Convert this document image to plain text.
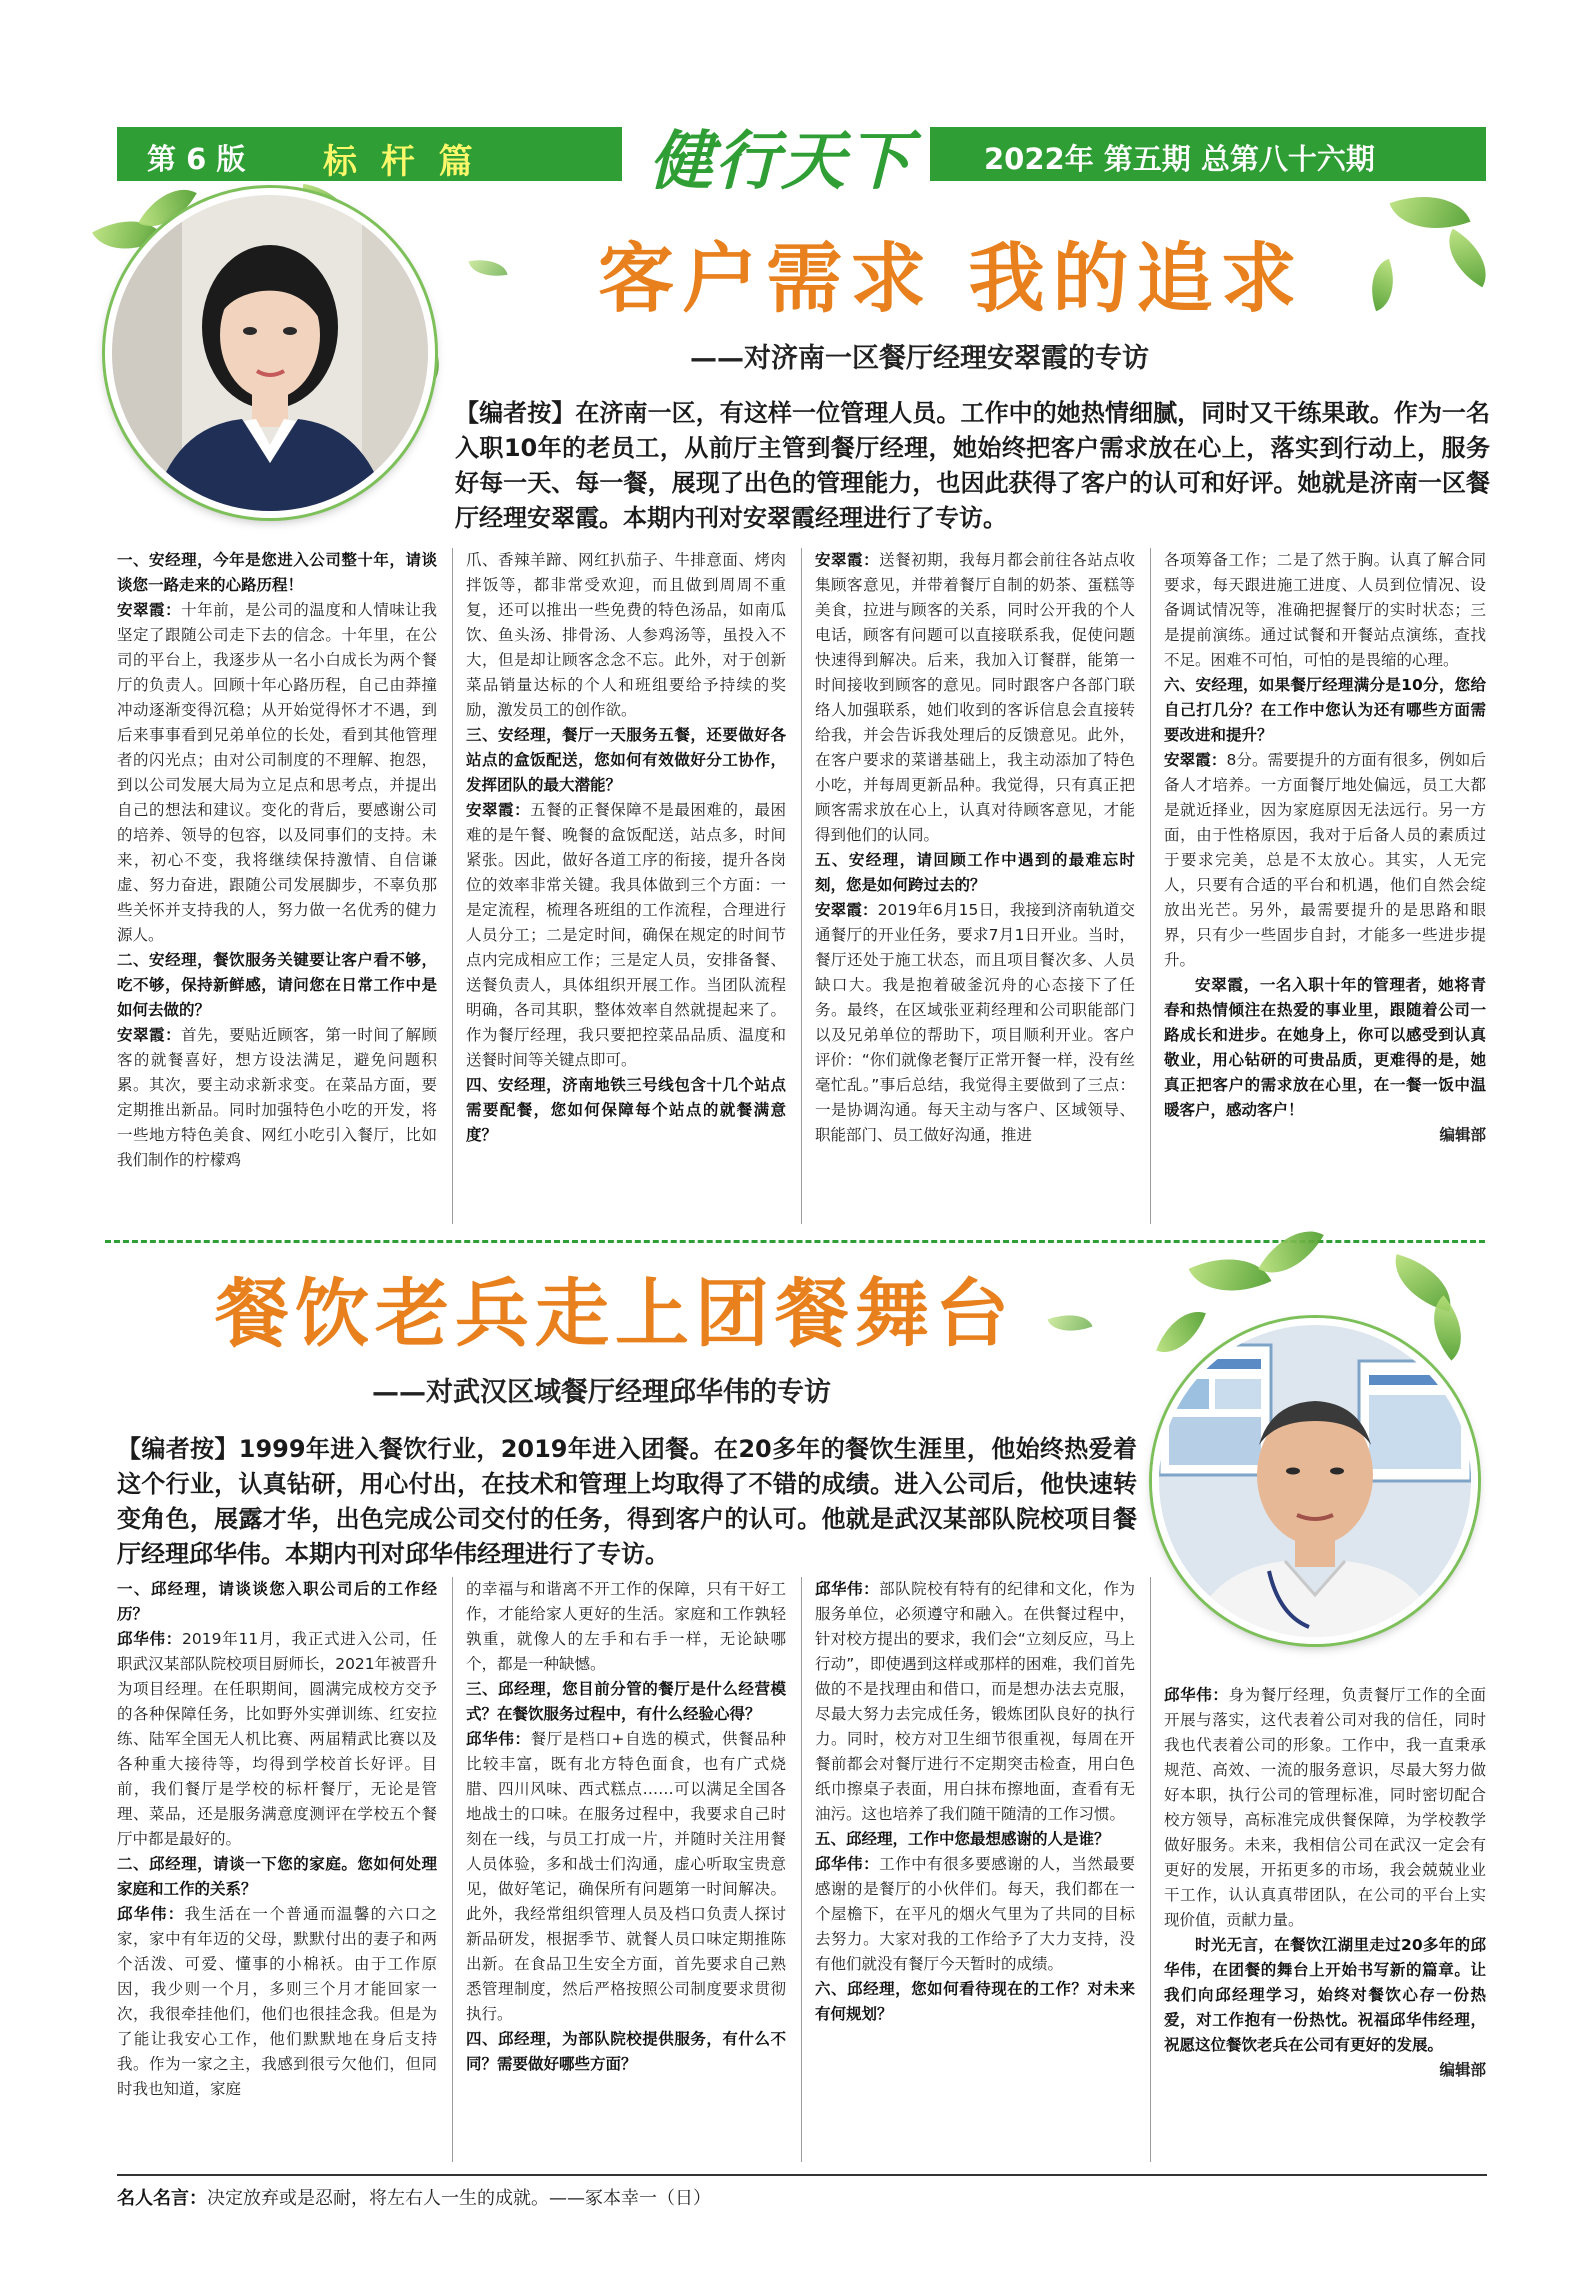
第 6 版 标 杆 篇	健行天下	2022年 第五期 总第八十六期
客户需求 我的追求
——对济南一区餐厅经理安翠霞的专访
【编者按】在济南一区，有这样一位管理人员。工作中的她热情细腻，同时又干练果敢。作为一名入职10年的老员工，从前厅主管到餐厅经理，她始终把客户需求放在心上，落实到行动上，服务好每一天、每一餐，展现了出色的管理能力，也因此获得了客户的认可和好评。她就是济南一区餐厅经理安翠霞。本期内刊对安翠霞经理进行了专访。

一、安经理，今年是您进入公司整十年，请谈谈您一路走来的心路历程！

安翠霞：十年前，是公司的温度和人情味让我坚定了跟随公司走下去的信念。十年里，在公司的平台上，我逐步从一名小白成长为两个餐厅的负责人。回顾十年心路历程，自己由莽撞冲动逐渐变得沉稳；从开始觉得怀才不遇，到后来事事看到兄弟单位的长处，看到其他管理者的闪光点；由对公司制度的不理解、抱怨，到以公司发展大局为立足点和思考点，并提出自己的想法和建议。变化的背后，要感谢公司的培养、领导的包容，以及同事们的支持。未来，初心不变，我将继续保持激情、自信谦虚、努力奋进，跟随公司发展脚步，不辜负那些关怀并支持我的人，努力做一名优秀的健力源人。

二、安经理，餐饮服务关键要让客户看不够，吃不够，保持新鲜感，请问您在日常工作中是如何去做的？

安翠霞：首先，要贴近顾客，第一时间了解顾客的就餐喜好，想方设法满足，避免问题积累。其次，要主动求新求变。在菜品方面，要定期推出新品。同时加强特色小吃的开发，将一些地方特色美食、网红小吃引入餐厅，比如我们制作的柠檬鸡

爪、香辣羊蹄、网红扒茄子、牛排意面、烤肉拌饭等，都非常受欢迎，而且做到周周不重复，还可以推出一些免费的特色汤品，如南瓜饮、鱼头汤、排骨汤、人参鸡汤等，虽投入不大，但是却让顾客念念不忘。此外，对于创新菜品销量达标的个人和班组要给予持续的奖励，激发员工的创作欲。

三、安经理，餐厅一天服务五餐，还要做好各站点的盒饭配送，您如何有效做好分工协作，发挥团队的最大潜能？

安翠霞：五餐的正餐保障不是最困难的，最困难的是午餐、晚餐的盒饭配送，站点多，时间紧张。因此，做好各道工序的衔接，提升各岗位的效率非常关键。我具体做到三个方面：一是定流程，梳理各班组的工作流程，合理进行人员分工；二是定时间，确保在规定的时间节点内完成相应工作；三是定人员，安排备餐、送餐负责人，具体组织开展工作。当团队流程明确，各司其职，整体效率自然就提起来了。作为餐厅经理，我只要把控菜品品质、温度和送餐时间等关键点即可。

四、安经理，济南地铁三号线包含十几个站点需要配餐，您如何保障每个站点的就餐满意度？

安翠霞：送餐初期，我每月都会前往各站点收集顾客意见，并带着餐厅自制的奶茶、蛋糕等美食，拉进与顾客的关系，同时公开我的个人电话，顾客有问题可以直接联系我，促使问题快速得到解决。后来，我加入订餐群，能第一时间接收到顾客的意见。同时跟客户各部门联络人加强联系，她们收到的客诉信息会直接转给我，并会告诉我处理后的反馈意见。此外，在客户要求的菜谱基础上，我主动添加了特色小吃，并每周更新品种。我觉得，只有真正把顾客需求放在心上，认真对待顾客意见，才能得到他们的认同。

五、安经理，请回顾工作中遇到的最难忘时刻，您是如何跨过去的？

安翠霞：2019年6月15日，我接到济南轨道交通餐厅的开业任务，要求7月1日开业。当时，餐厅还处于施工状态，而且项目餐次多、人员缺口大。我是抱着破釜沉舟的心态接下了任务。最终，在区域张亚莉经理和公司职能部门以及兄弟单位的帮助下，项目顺利开业。客户评价：“你们就像老餐厅正常开餐一样，没有丝毫忙乱。”事后总结，我觉得主要做到了三点：一是协调沟通。每天主动与客户、区域领导、职能部门、员工做好沟通，推进

各项筹备工作；二是了然于胸。认真了解合同要求，每天跟进施工进度、人员到位情况、设备调试情况等，准确把握餐厅的实时状态；三是提前演练。通过试餐和开餐站点演练，查找不足。困难不可怕，可怕的是畏缩的心理。

六、安经理，如果餐厅经理满分是10分，您给自己打几分？在工作中您认为还有哪些方面需要改进和提升？

安翠霞：8分。需要提升的方面有很多，例如后备人才培养。一方面餐厅地处偏远，员工大都是就近择业，因为家庭原因无法远行。另一方面，由于性格原因，我对于后备人员的素质过于要求完美，总是不太放心。其实，人无完人，只要有合适的平台和机遇，他们自然会绽放出光芒。另外，最需要提升的是思路和眼界，只有少一些固步自封，才能多一些进步提升。

安翠霞，一名入职十年的管理者，她将青春和热情倾注在热爱的事业里，跟随着公司一路成长和进步。在她身上，你可以感受到认真敬业，用心钻研的可贵品质，更难得的是，她真正把客户的需求放在心里，在一餐一饭中温暖客户，感动客户！

编辑部

餐饮老兵走上团餐舞台
——对武汉区域餐厅经理邱华伟的专访
【编者按】1999年进入餐饮行业，2019年进入团餐。在20多年的餐饮生涯里，他始终热爱着这个行业，认真钻研，用心付出，在技术和管理上均取得了不错的成绩。进入公司后，他快速转变角色，展露才华，出色完成公司交付的任务，得到客户的认可。他就是武汉某部队院校项目餐厅经理邱华伟。本期内刊对邱华伟经理进行了专访。

一、邱经理，请谈谈您入职公司后的工作经历？

邱华伟：2019年11月，我正式进入公司，任职武汉某部队院校项目厨师长，2021年被晋升为项目经理。在任职期间，圆满完成校方交予的各种保障任务，比如野外实弹训练、红安拉练、陆军全国无人机比赛、两届精武比赛以及各种重大接待等，均得到学校首长好评。目前，我们餐厅是学校的标杆餐厅，无论是管理、菜品，还是服务满意度测评在学校五个餐厅中都是最好的。

二、邱经理，请谈一下您的家庭。您如何处理家庭和工作的关系？

邱华伟：我生活在一个普通而温馨的六口之家，家中有年迈的父母，默默付出的妻子和两个活泼、可爱、懂事的小棉袄。由于工作原因，我少则一个月，多则三个月才能回家一次，我很牵挂他们，他们也很挂念我。但是为了能让我安心工作，他们默默地在身后支持我。作为一家之主，我感到很亏欠他们，但同时我也知道，家庭

的幸福与和谐离不开工作的保障，只有干好工作，才能给家人更好的生活。家庭和工作孰轻孰重，就像人的左手和右手一样，无论缺哪个，都是一种缺憾。

三、邱经理，您目前分管的餐厅是什么经营模式？在餐饮服务过程中，有什么经验心得？

邱华伟：餐厅是档口+自选的模式，供餐品种比较丰富，既有北方特色面食，也有广式烧腊、四川风味、西式糕点……可以满足全国各地战士的口味。在服务过程中，我要求自己时刻在一线，与员工打成一片，并随时关注用餐人员体验，多和战士们沟通，虚心听取宝贵意见，做好笔记，确保所有问题第一时间解决。此外，我经常组织管理人员及档口负责人探讨新品研发，根据季节、就餐人员口味定期推陈出新。在食品卫生安全方面，首先要求自己熟悉管理制度，然后严格按照公司制度要求贯彻执行。

四、邱经理，为部队院校提供服务，有什么不同？需要做好哪些方面？

邱华伟：部队院校有特有的纪律和文化，作为服务单位，必须遵守和融入。在供餐过程中，针对校方提出的要求，我们会“立刻反应，马上行动”，即使遇到这样或那样的困难，我们首先做的不是找理由和借口，而是想办法去克服，尽最大努力去完成任务，锻炼团队良好的执行力。同时，校方对卫生细节很重视，每周在开餐前都会对餐厅进行不定期突击检查，用白色纸巾擦桌子表面，用白抹布擦地面，查看有无油污。这也培养了我们随干随清的工作习惯。

五、邱经理，工作中您最想感谢的人是谁？

邱华伟：工作中有很多要感谢的人，当然最要感谢的是餐厅的小伙伴们。每天，我们都在一个屋檐下，在平凡的烟火气里为了共同的目标去努力。大家对我的工作给予了大力支持，没有他们就没有餐厅今天暂时的成绩。

六、邱经理，您如何看待现在的工作？对未来有何规划？

邱华伟：身为餐厅经理，负责餐厅工作的全面开展与落实，这代表着公司对我的信任，同时我也代表着公司的形象。工作中，我一直秉承规范、高效、一流的服务意识，尽最大努力做好本职，执行公司的管理标准，同时密切配合校方领导，高标准完成供餐保障，为学校教学做好服务。未来，我相信公司在武汉一定会有更好的发展，开拓更多的市场，我会兢兢业业干工作，认认真真带团队，在公司的平台上实现价值，贡献力量。

时光无言，在餐饮江湖里走过20多年的邱华伟，在团餐的舞台上开始书写新的篇章。让我们向邱经理学习，始终对餐饮心存一份热爱，对工作抱有一份热忱。祝福邱华伟经理，祝愿这位餐饮老兵在公司有更好的发展。

编辑部

名人名言：决定放弃或是忍耐，将左右人一生的成就。——冢本幸一（日）
